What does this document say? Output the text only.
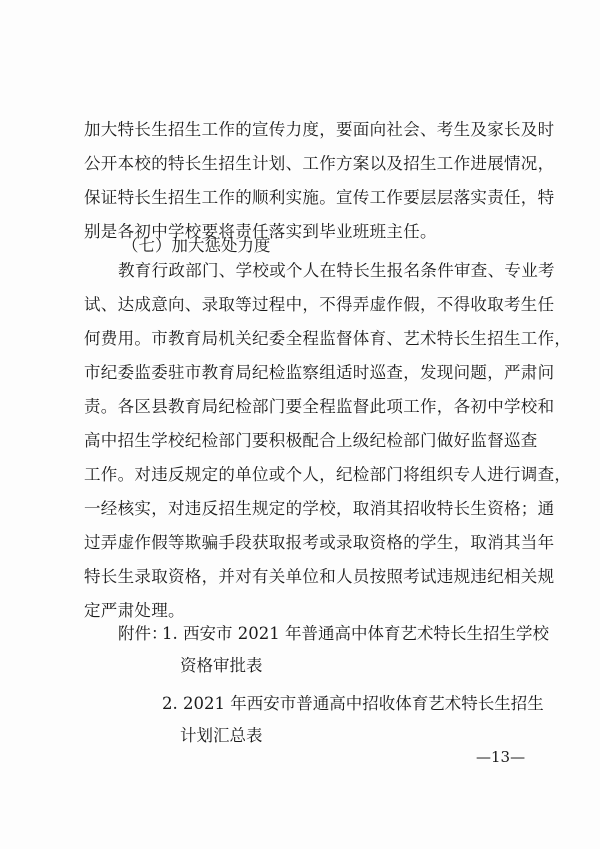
加大特长生招生工作的宣传力度，要面向社会、考生及家长及时
公开本校的特长生招生计划、工作方案以及招生工作进展情况，
保证特长生招生工作的顺利实施。宣传工作要层层落实责任，特
别是各初中学校要将责任落实到毕业班班主任。
（七）加大惩处力度
教育行政部门、学校或个人在特长生报名条件审查、专业考
试、达成意向、录取等过程中，不得弄虚作假，不得收取考生任
何费用。市教育局机关纪委全程监督体育、艺术特长生招生工作，
市纪委监委驻市教育局纪检监察组适时巡查，发现问题，严肃问
责。各区县教育局纪检部门要全程监督此项工作，各初中学校和
高中招生学校纪检部门要积极配合上级纪检部门做好监督巡查
工作。对违反规定的单位或个人，纪检部门将组织专人进行调查，
一经核实，对违反招生规定的学校，取消其招收特长生资格；通
过弄虚作假等欺骗手段获取报考或录取资格的学生，取消其当年
特长生录取资格，并对有关单位和人员按照考试违规违纪相关规
定严肃处理。
附件：
1. 西安市 2021 年普通高中体育艺术特长生招生学校
资格审批表
2. 2021 年西安市普通高中招收体育艺术特长生招生
计划汇总表
—13—
